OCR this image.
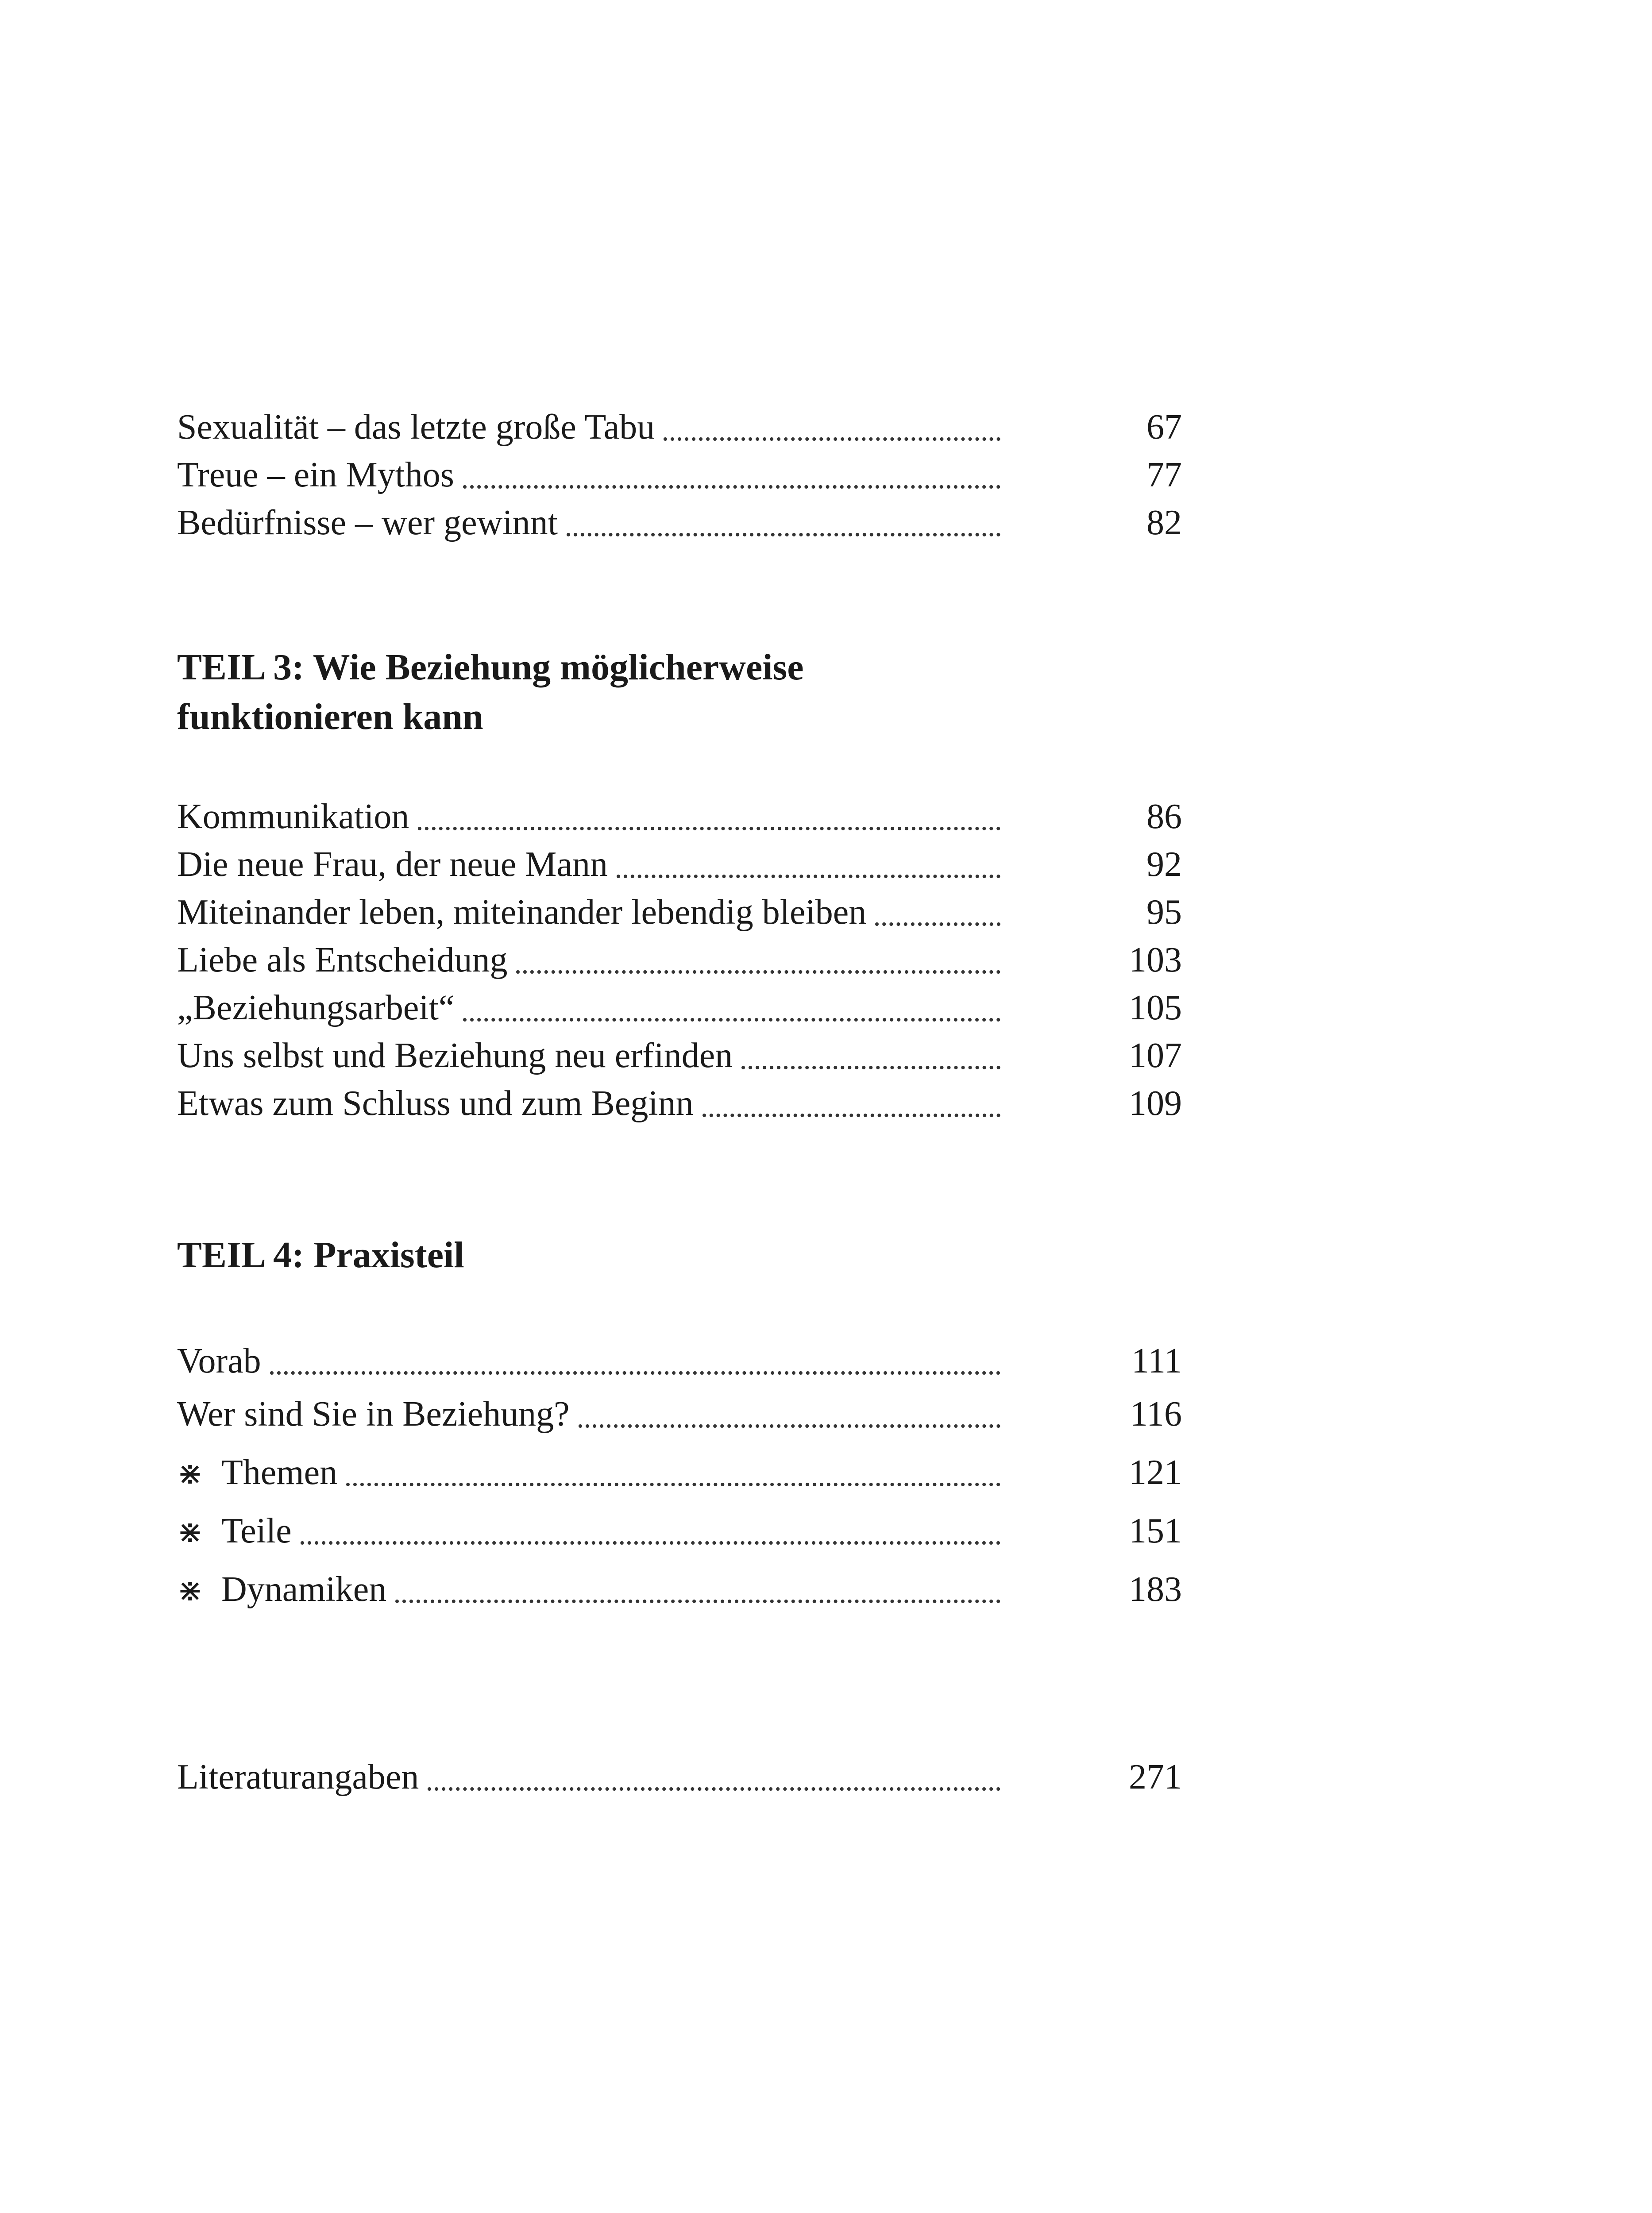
Sexualität – das letzte große Tabu	67
Treue – ein Mythos	77
Bedürfnisse – wer gewinnt	82
TEIL 3: Wie Beziehung möglicherweise
funktionieren kann
Kommunikation	86
Die neue Frau, der neue Mann	92
Miteinander leben, miteinander lebendig bleiben	95
Liebe als Entscheidung	103
„Beziehungsarbeit“	105
Uns selbst und Beziehung neu erfinden	107
Etwas zum Schluss und zum Beginn	109
TEIL 4: Praxisteil
Vorab	111
Wer sind Sie in Beziehung?	116
⋇ Themen	121
⋇ Teile	151
⋇ Dynamiken	183
Literaturangaben	271
